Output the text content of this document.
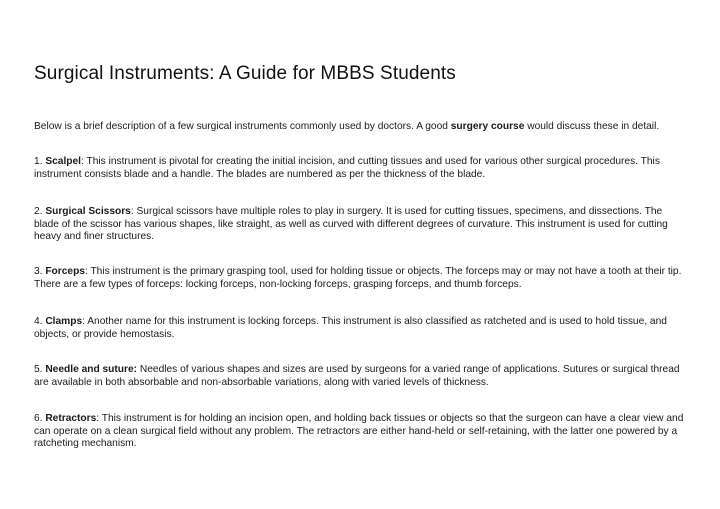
Surgical Instruments: A Guide for MBBS Students

Below is a brief description of a few surgical instruments commonly used by doctors. A good surgery course would discuss these in detail.

1. Scalpel: This instrument is pivotal for creating the initial incision, and cutting tissues and used for various other surgical procedures. This instrument consists blade and a handle. The blades are numbered as per the thickness of the blade.

2. Surgical Scissors: Surgical scissors have multiple roles to play in surgery. It is used for cutting tissues, specimens, and dissections. The blade of the scissor has various shapes, like straight, as well as curved with different degrees of curvature. This instrument is used for cutting heavy and finer structures.

3. Forceps: This instrument is the primary grasping tool, used for holding tissue or objects. The forceps may or may not have a tooth at their tip. There are a few types of forceps: locking forceps, non-locking forceps, grasping forceps, and thumb forceps.

4. Clamps: Another name for this instrument is locking forceps. This instrument is also classified as ratcheted and is used to hold tissue, and objects, or provide hemostasis.

5. Needle and suture: Needles of various shapes and sizes are used by surgeons for a varied range of applications. Sutures or surgical thread are available in both absorbable and non-absorbable variations, along with varied levels of thickness.

6. Retractors: This instrument is for holding an incision open, and holding back tissues or objects so that the surgeon can have a clear view and can operate on a clean surgical field without any problem. The retractors are either hand-held or self-retaining, with the latter one powered by a ratcheting mechanism.
